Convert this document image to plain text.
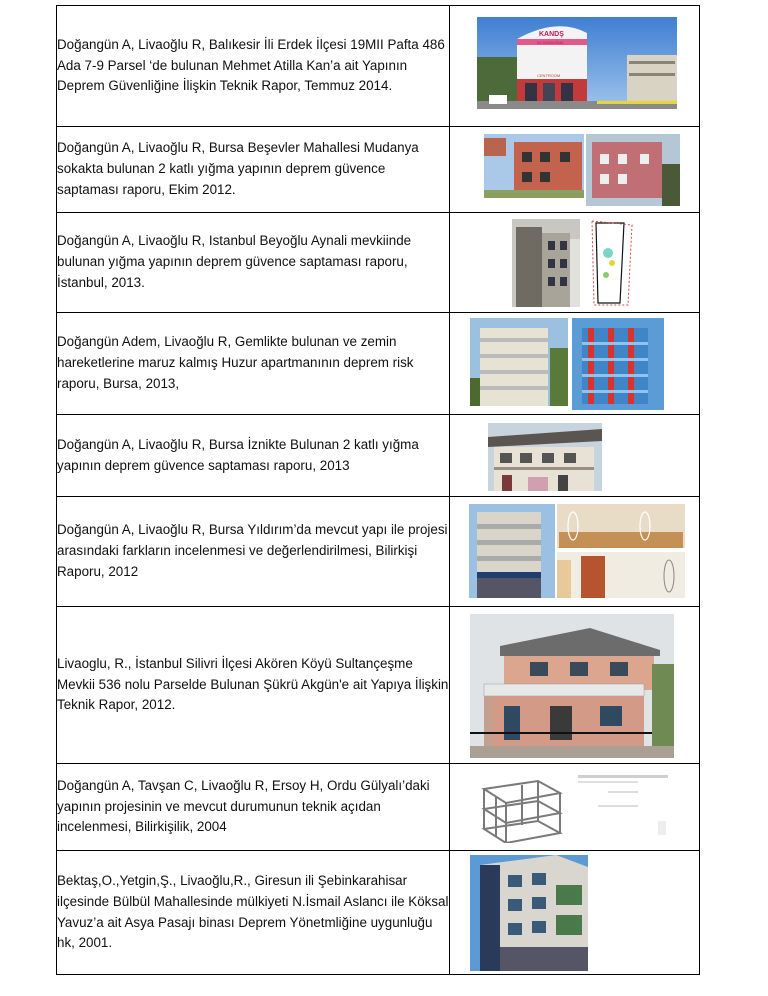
Doğangün A, Livaoğlu R, Balıkesir İli Erdek İlçesi 19MII Pafta 486 Ada 7-9 Parsel ‘de bulunan Mehmet Atilla Kan’a ait Yapının Deprem Güvenliğine İlişkin Teknik Rapor, Temmuz 2014.	KANDŞ
SU DONDURMA
CENTROOM

Doğangün A, Livaoğlu R, Bursa Beşevler Mahallesi Mudanya sokakta bulunan 2 katlı yığma yapının deprem güvence saptaması raporu, Ekim 2012.	

Doğangün A, Livaoğlu R, Istanbul Beyoğlu Aynali mevkiinde bulunan yığma yapının deprem güvence saptaması raporu, İstanbul, 2013.	

Doğangün Adem, Livaoğlu R, Gemlikte bulunan ve zemin hareketlerine maruz kalmış Huzur apartmanının deprem risk raporu, Bursa, 2013,	

Doğangün A, Livaoğlu R, Bursa İznikte Bulunan 2 katlı yığma yapının deprem güvence saptaması raporu, 2013	

Doğangün A, Livaoğlu R, Bursa Yıldırım’da mevcut yapı ile projesi arasındaki farkların incelenmesi ve değerlendirilmesi, Bilirkişi Raporu, 2012	

Livaoglu, R., İstanbul Silivri İlçesi Akören Köyü Sultançeşme Mevkii 536 nolu Parselde Bulunan Şükrü Akgün'e ait Yapıya İlişkin Teknik Rapor, 2012.	

Doğangün A, Tavşan C, Livaoğlu R, Ersoy H, Ordu Gülyalı’daki yapının projesinin ve mevcut durumunun teknik açıdan incelenmesi, Bilirkişilik, 2004	

Bektaş,O.,Yetgin,Ş., Livaoğlu,R., Giresun ili Şebinkarahisar ilçesinde Bülbül Mahallesinde mülkiyeti N.İsmail Aslancı ile Köksal Yavuz’a ait Asya Pasajı binası Deprem Yönetmliğine uygunluğu hk, 2001.	
